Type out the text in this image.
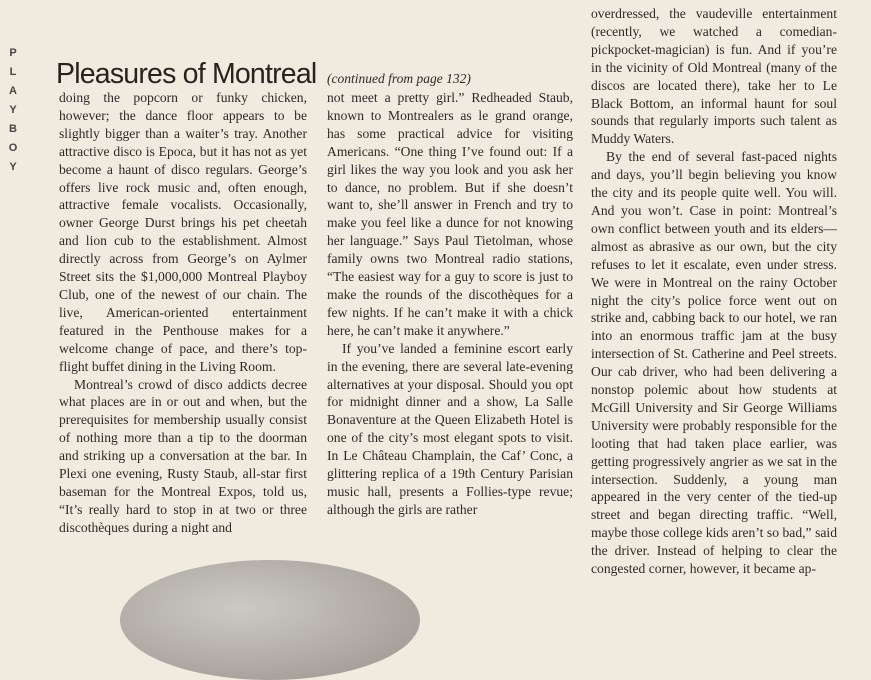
P
L
A
Y
B
O
Y
Pleasures of Montreal (continued from page 132)

doing the popcorn or funky chicken, however; the dance floor appears to be slightly bigger than a waiter’s tray. Another attractive disco is Epoca, but it has not as yet become a haunt of disco regulars. George’s offers live rock music and, often enough, attractive female vocalists. Occasionally, owner George Durst brings his pet cheetah and lion cub to the establishment. Almost directly across from George’s on Aylmer Street sits the $1,000,000 Montreal Playboy Club, one of the newest of our chain. The live, American-oriented entertainment featured in the Penthouse makes for a welcome change of pace, and there’s top-flight buffet dining in the Living Room.

Montreal’s crowd of disco addicts decree what places are in or out and when, but the prerequisites for membership usually consist of nothing more than a tip to the doorman and striking up a conversation at the bar. In Plexi one evening, Rusty Staub, all-star first baseman for the Montreal Expos, told us, “It’s really hard to stop in at two or three discothèques during a night and

not meet a pretty girl.” Redheaded Staub, known to Montrealers as le grand orange, has some practical advice for visiting Americans. “One thing I’ve found out: If a girl likes the way you look and you ask her to dance, no problem. But if she doesn’t want to, she’ll answer in French and try to make you feel like a dunce for not knowing her language.” Says Paul Tietolman, whose family owns two Montreal radio stations, “The easiest way for a guy to score is just to make the rounds of the discothèques for a few nights. If he can’t make it with a chick here, he can’t make it anywhere.”

If you’ve landed a feminine escort early in the evening, there are several late-evening alternatives at your disposal. Should you opt for midnight dinner and a show, La Salle Bonaventure at the Queen Elizabeth Hotel is one of the city’s most elegant spots to visit. In Le Château Champlain, the Caf’ Conc, a glittering replica of a 19th Century Parisian music hall, presents a Follies-type revue; although the girls are rather

overdressed, the vaudeville entertainment (recently, we watched a comedian-pickpocket-magician) is fun. And if you’re in the vicinity of Old Montreal (many of the discos are located there), take her to Le Black Bottom, an informal haunt for soul sounds that regularly imports such talent as Muddy Waters.

By the end of several fast-paced nights and days, you’ll begin believing you know the city and its people quite well. You will. And you won’t. Case in point: Montreal’s own conflict between youth and its elders—almost as abrasive as our own, but the city refuses to let it escalate, even under stress. We were in Montreal on the rainy October night the city’s police force went out on strike and, cabbing back to our hotel, we ran into an enormous traffic jam at the busy intersection of St. Catherine and Peel streets. Our cab driver, who had been delivering a nonstop polemic about how students at McGill University and Sir George Williams University were probably responsible for the looting that had taken place earlier, was getting progressively angrier as we sat in the intersection. Suddenly, a young man appeared in the very center of the tied-up street and began directing traffic. “Well, maybe those college kids aren’t so bad,” said the driver. Instead of helping to clear the congested corner, however, it became ap-
